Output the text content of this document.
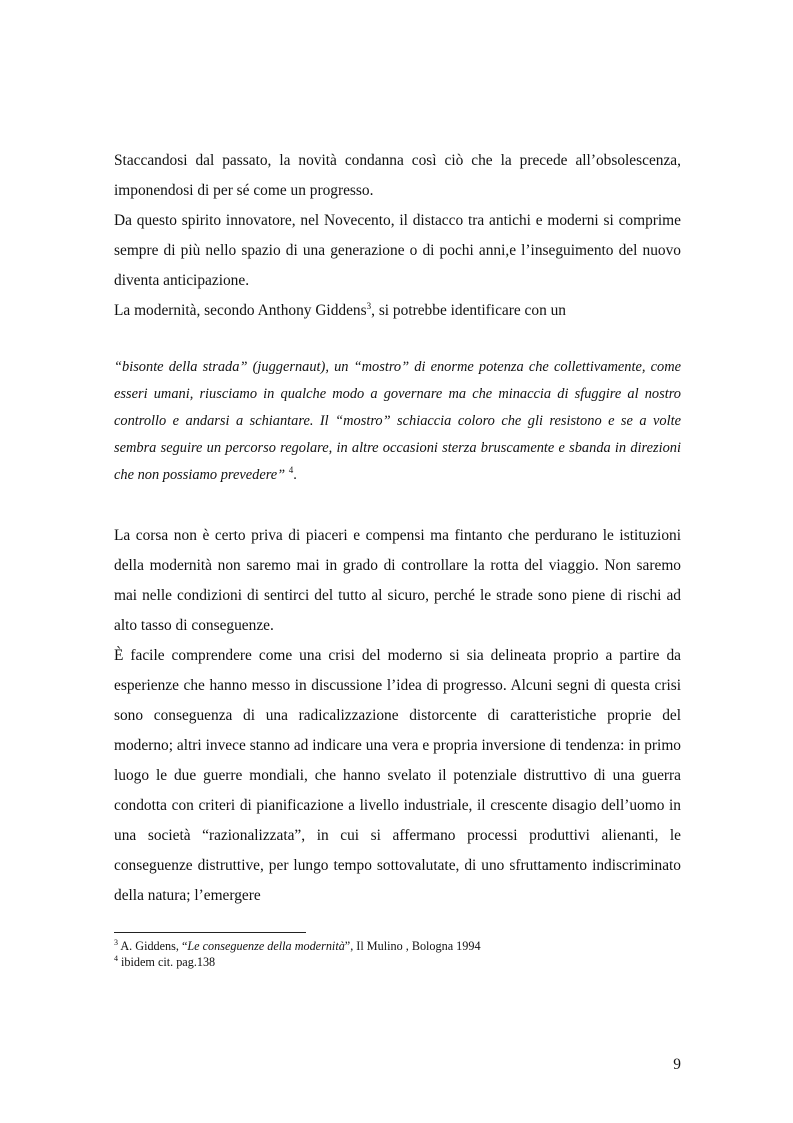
Staccandosi dal passato, la novità condanna così ciò che la precede all’obsolescenza, imponendosi di per sé come un progresso.

Da questo spirito innovatore, nel Novecento, il distacco tra antichi e moderni si comprime sempre di più nello spazio di una generazione o di pochi anni,e l’inseguimento del nuovo diventa anticipazione.

La modernità, secondo Anthony Giddens$^3$, si potrebbe identificare con un

“bisonte della strada” (juggernaut), un “mostro” di enorme potenza che collettivamente, come esseri umani, riusciamo in qualche modo a governare ma che minaccia di sfuggire al nostro controllo e andarsi a schiantare. Il “mostro” schiaccia coloro che gli resistono e se a volte sembra seguire un percorso regolare, in altre occasioni sterza bruscamente e sbanda in direzioni che non possiamo prevedere” $^4$.

La corsa non è certo priva di piaceri e compensi ma fintanto che perdurano le istituzioni della modernità non saremo mai in grado di controllare la rotta del viaggio. Non saremo mai nelle condizioni di sentirci del tutto al sicuro, perché le strade sono piene di rischi ad alto tasso di conseguenze.

È facile comprendere come una crisi del moderno si sia delineata proprio a partire da esperienze che hanno messo in discussione l’idea di progresso. Alcuni segni di questa crisi sono conseguenza di una radicalizzazione distorcente di caratteristiche proprie del moderno; altri invece stanno ad indicare una vera e propria inversione di tendenza: in primo luogo le due guerre mondiali, che hanno svelato il potenziale distruttivo di una guerra condotta con criteri di pianificazione a livello industriale, il crescente disagio dell’uomo in una società “razionalizzata”, in cui si affermano processi produttivi alienanti, le conseguenze distruttive, per lungo tempo sottovalutate, di uno sfruttamento indiscriminato della natura; l’emergere

$^3$ A. Giddens, “Le conseguenze della modernità”, Il Mulino , Bologna 1994

$^4$ ibidem cit. pag.138

9
